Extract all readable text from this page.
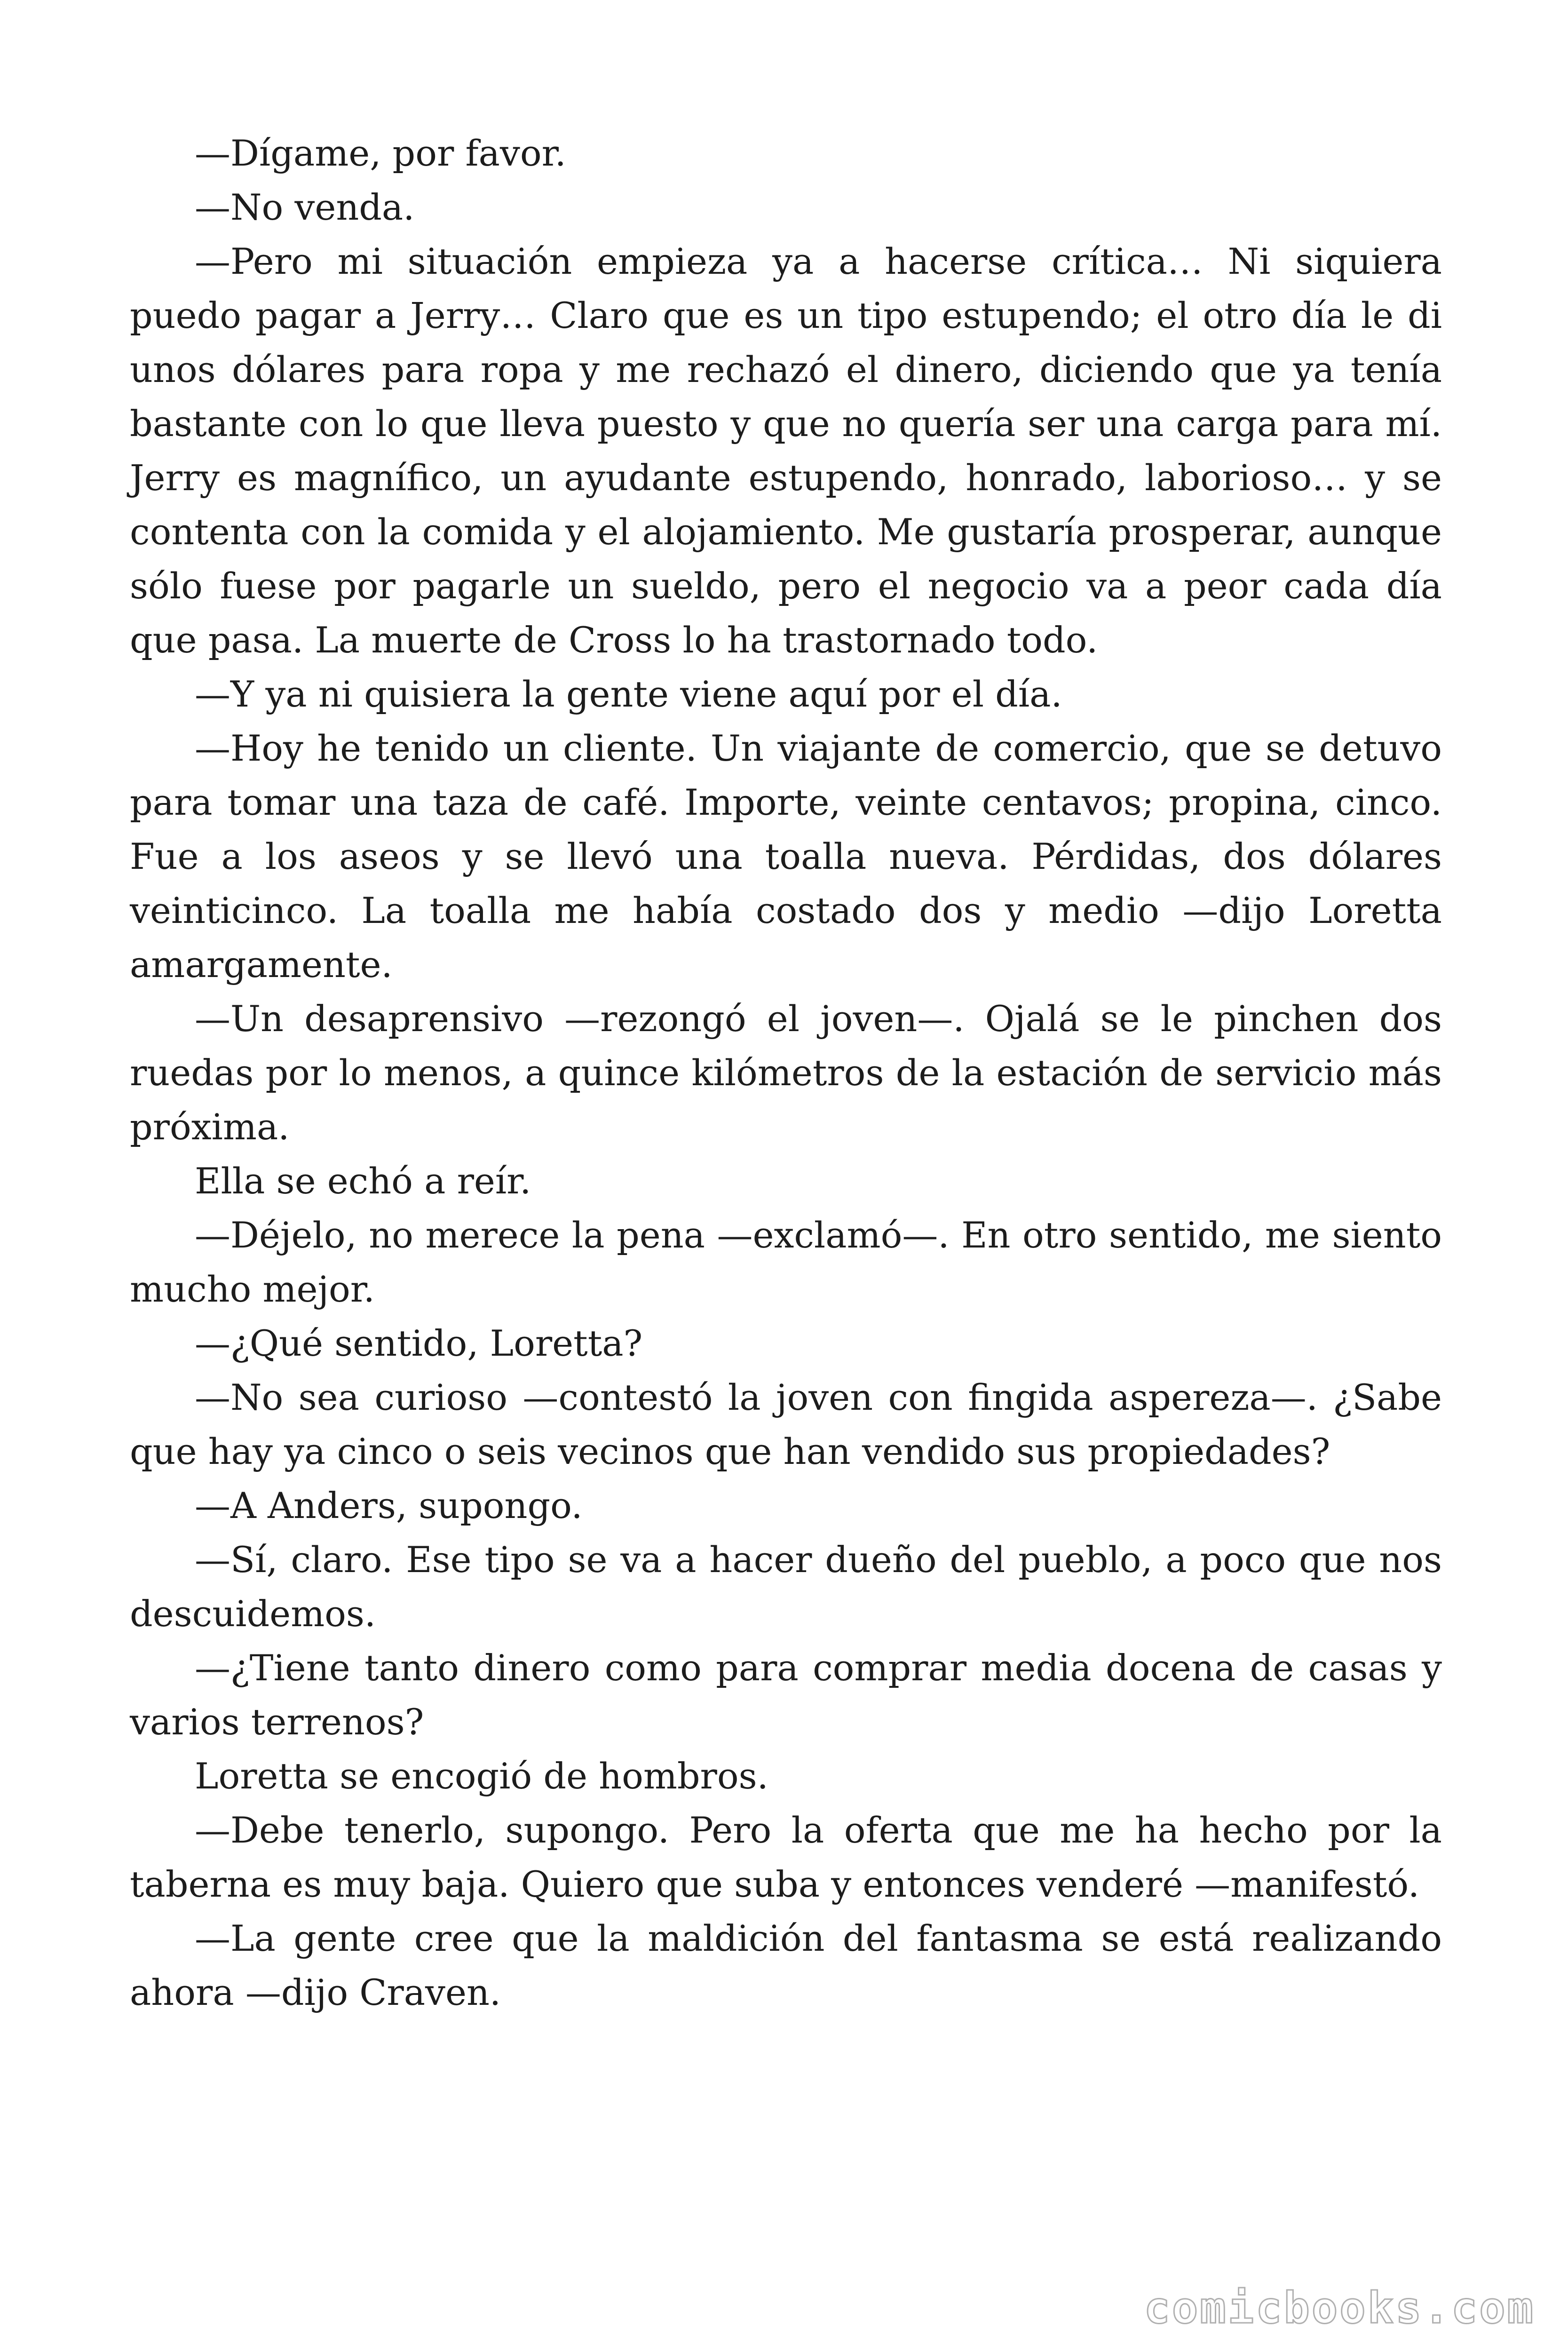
—Dígame, por favor.

—No venda.

—Pero mi situación empieza ya a hacerse crítica… Ni siquiera puedo pagar a Jerry… Claro que es un tipo estupendo; el otro día le di unos dólares para ropa y me rechazó el dinero, diciendo que ya tenía bastante con lo que lleva puesto y que no quería ser una carga para mí. Jerry es magnífico, un ayudante estupendo, honrado, laborioso… y se contenta con la comida y el alojamiento. Me gustaría prosperar, aunque sólo fuese por pagarle un sueldo, pero el negocio va a peor cada día que pasa. La muerte de Cross lo ha trastornado todo.

—Y ya ni quisiera la gente viene aquí por el día.

—Hoy he tenido un cliente. Un viajante de comercio, que se detuvo para tomar una taza de café. Importe, veinte centavos; propina, cinco. Fue a los aseos y se llevó una toalla nueva. Pérdidas, dos dólares veinticinco. La toalla me había costado dos y medio —dijo Loretta amargamente.

—Un desaprensivo —rezongó el joven—. Ojalá se le pinchen dos ruedas por lo menos, a quince kilómetros de la estación de servicio más próxima.

Ella se echó a reír.

—Déjelo, no merece la pena —exclamó—. En otro sentido, me siento mucho mejor.

—¿Qué sentido, Loretta?

—No sea curioso —contestó la joven con fingida aspereza—. ¿Sabe que hay ya cinco o seis vecinos que han vendido sus propiedades?

—A Anders, supongo.

—Sí, claro. Ese tipo se va a hacer dueño del pueblo, a poco que nos descuidemos.

—¿Tiene tanto dinero como para comprar media docena de casas y varios terrenos?

Loretta se encogió de hombros.

—Debe tenerlo, supongo. Pero la oferta que me ha hecho por la taberna es muy baja. Quiero que suba y entonces venderé —manifestó.

—La gente cree que la maldición del fantasma se está realizando ahora —dijo Craven.

comicbooks.com
